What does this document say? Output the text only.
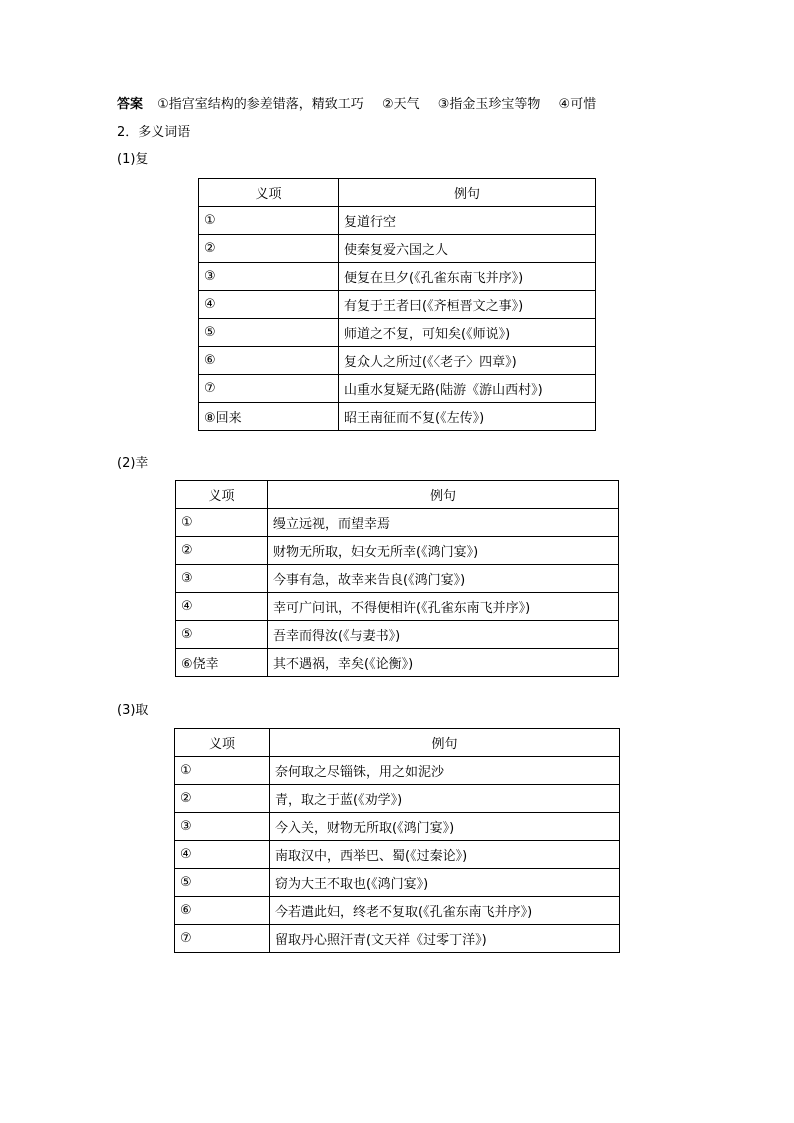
答案 ①指宫室结构的参差错落，精致工巧 ②天气 ③指金玉珍宝等物 ④可惜
2．多义词语
(1)复
义项	例句
①	复道行空
②	使秦复爱六国之人
③	便复在旦夕(《孔雀东南飞并序》)
④	有复于王者曰(《齐桓晋文之事》)
⑤	师道之不复，可知矣(《师说》)
⑥	复众人之所过(《〈老子〉四章》)
⑦	山重水复疑无路(陆游《游山西村》)
⑧回来	昭王南征而不复(《左传》)
(2)幸
义项	例句
①	缦立远视，而望幸焉
②	财物无所取，妇女无所幸(《鸿门宴》)
③	今事有急，故幸来告良(《鸿门宴》)
④	幸可广问讯，不得便相许(《孔雀东南飞并序》)
⑤	吾幸而得汝(《与妻书》)
⑥侥幸	其不遇祸，幸矣(《论衡》)
(3)取
义项	例句
①	奈何取之尽锱铢，用之如泥沙
②	青，取之于蓝(《劝学》)
③	今入关，财物无所取(《鸿门宴》)
④	南取汉中，西举巴、蜀(《过秦论》)
⑤	窃为大王不取也(《鸿门宴》)
⑥	今若遣此妇，终老不复取(《孔雀东南飞并序》)
⑦	留取丹心照汗青(文天祥《过零丁洋》)
